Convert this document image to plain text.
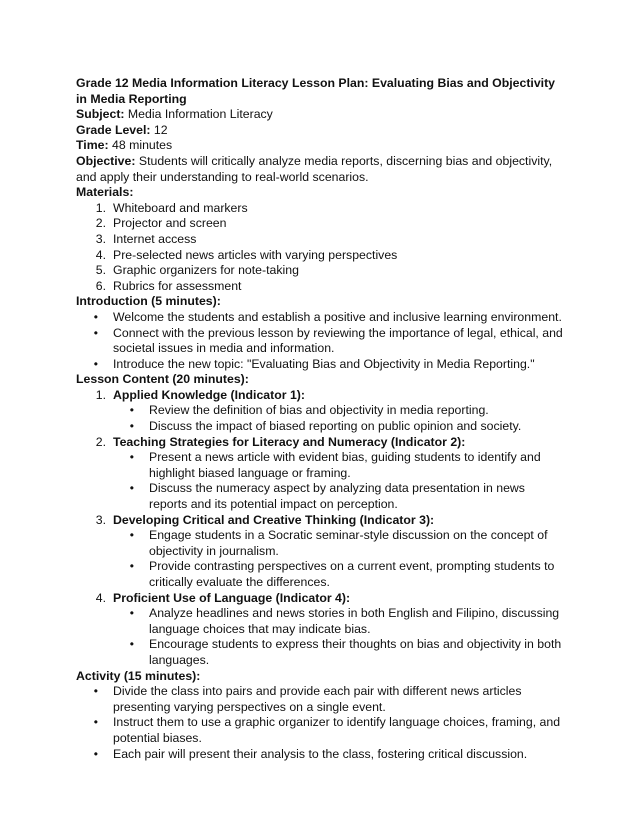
Grade 12 Media Information Literacy Lesson Plan: Evaluating Bias and Objectivity in Media Reporting
Subject: Media Information Literacy
Grade Level: 12
Time: 48 minutes
Objective: Students will critically analyze media reports, discerning bias and objectivity, and apply their understanding to real-world scenarios.
Materials:
1. Whiteboard and markers
2. Projector and screen
3. Internet access
4. Pre-selected news articles with varying perspectives
5. Graphic organizers for note-taking
6. Rubrics for assessment
Introduction (5 minutes):
• Welcome the students and establish a positive and inclusive learning environment.
• Connect with the previous lesson by reviewing the importance of legal, ethical, and societal issues in media and information.
• Introduce the new topic: "Evaluating Bias and Objectivity in Media Reporting."
Lesson Content (20 minutes):
1. Applied Knowledge (Indicator 1):
• Review the definition of bias and objectivity in media reporting.
• Discuss the impact of biased reporting on public opinion and society.
2. Teaching Strategies for Literacy and Numeracy (Indicator 2):
• Present a news article with evident bias, guiding students to identify and highlight biased language or framing.
• Discuss the numeracy aspect by analyzing data presentation in news reports and its potential impact on perception.
3. Developing Critical and Creative Thinking (Indicator 3):
• Engage students in a Socratic seminar-style discussion on the concept of objectivity in journalism.
• Provide contrasting perspectives on a current event, prompting students to critically evaluate the differences.
4. Proficient Use of Language (Indicator 4):
• Analyze headlines and news stories in both English and Filipino, discussing language choices that may indicate bias.
• Encourage students to express their thoughts on bias and objectivity in both languages.
Activity (15 minutes):
• Divide the class into pairs and provide each pair with different news articles presenting varying perspectives on a single event.
• Instruct them to use a graphic organizer to identify language choices, framing, and potential biases.
• Each pair will present their analysis to the class, fostering critical discussion.
